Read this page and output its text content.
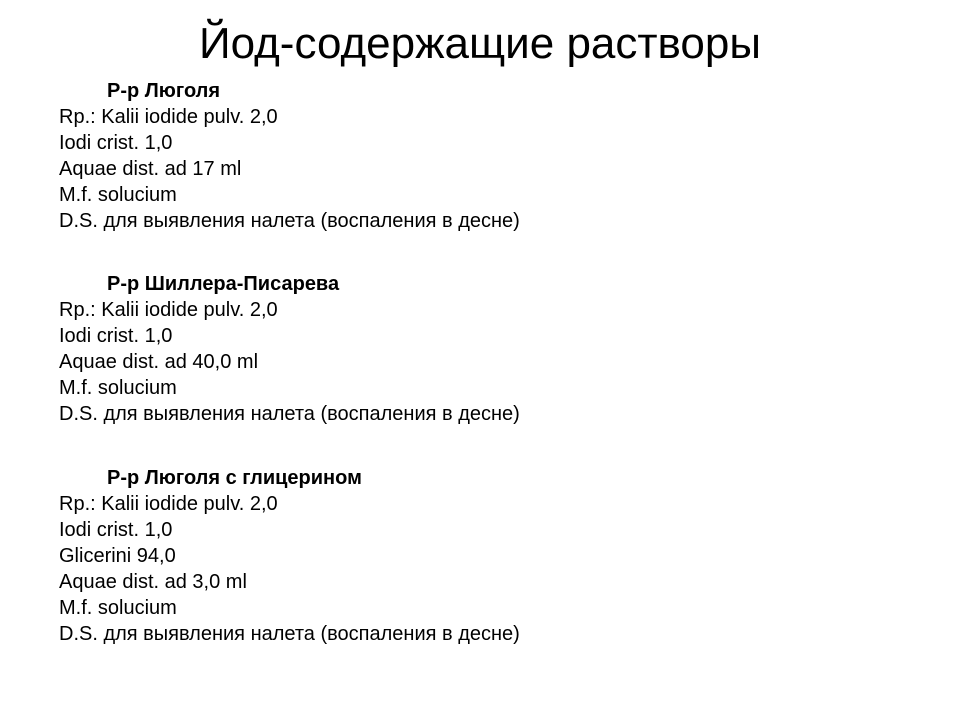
Йод-содержащие растворы

Р-р Люголя

Rp.: Kalii iodide pulv. 2,0

Iodi crist. 1,0

Aquae dist. ad 17 ml

M.f. solucium

D.S. для выявления налета (воспаления в десне)

Р-р Шиллера-Писарева

Rp.: Kalii iodide pulv. 2,0

Iodi crist. 1,0

Aquae dist. ad 40,0 ml

M.f. solucium

D.S. для выявления налета (воспаления в десне)

Р-р Люголя с глицерином

Rp.: Kalii iodide pulv. 2,0

Iodi crist. 1,0

Glicerini 94,0

Aquae dist. ad 3,0 ml

M.f. solucium

D.S. для выявления налета (воспаления в десне)
